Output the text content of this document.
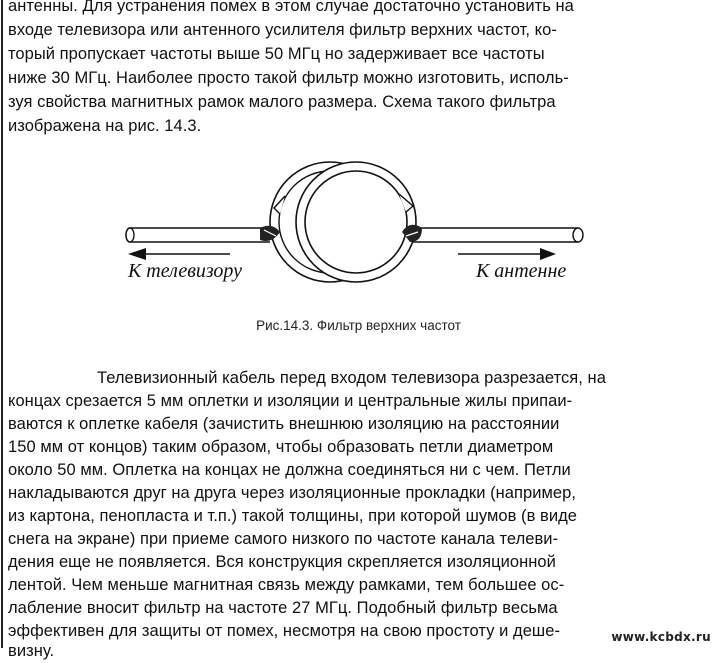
антенны. Для устранения помех в этом случае достаточно установить на
входе телевизора или антенного усилителя фильтр верхних частот, ко-
торый пропускает частоты выше 50 МГц но задерживает все частоты
ниже 30 МГц. Наиболее просто такой фильтр можно изготовить, исполь-
зуя свойства магнитных рамок малого размера. Схема такого фильтра
изображена на рис. 14.3.
К телевизору	К антенне
Рис.14.3. Фильтр верхних частот
Телевизионный кабель перед входом телевизора разрезается, на
концах срезается 5 мм оплетки и изоляции и центральные жилы припаи-
ваются к оплетке кабеля (зачистить внешнюю изоляцию на расстоянии
150 мм от концов) таким образом, чтобы образовать петли диаметром
около 50 мм. Оплетка на концах не должна соединяться ни с чем. Петли
накладываются друг на друга через изоляционные прокладки (например,
из картона, пенопласта и т.п.) такой толщины, при которой шумов (в виде
снега на экране) при приеме самого низкого по частоте канала телеви-
дения еще не появляется. Вся конструкция скрепляется изоляционной
лентой. Чем меньше магнитная связь между рамками, тем большее ос-
лабление вносит фильтр на частоте 27 МГц. Подобный фильтр весьма
эффективен для защиты от помех, несмотря на свою простоту и деше-
визну.
www.kcbdx.ru
